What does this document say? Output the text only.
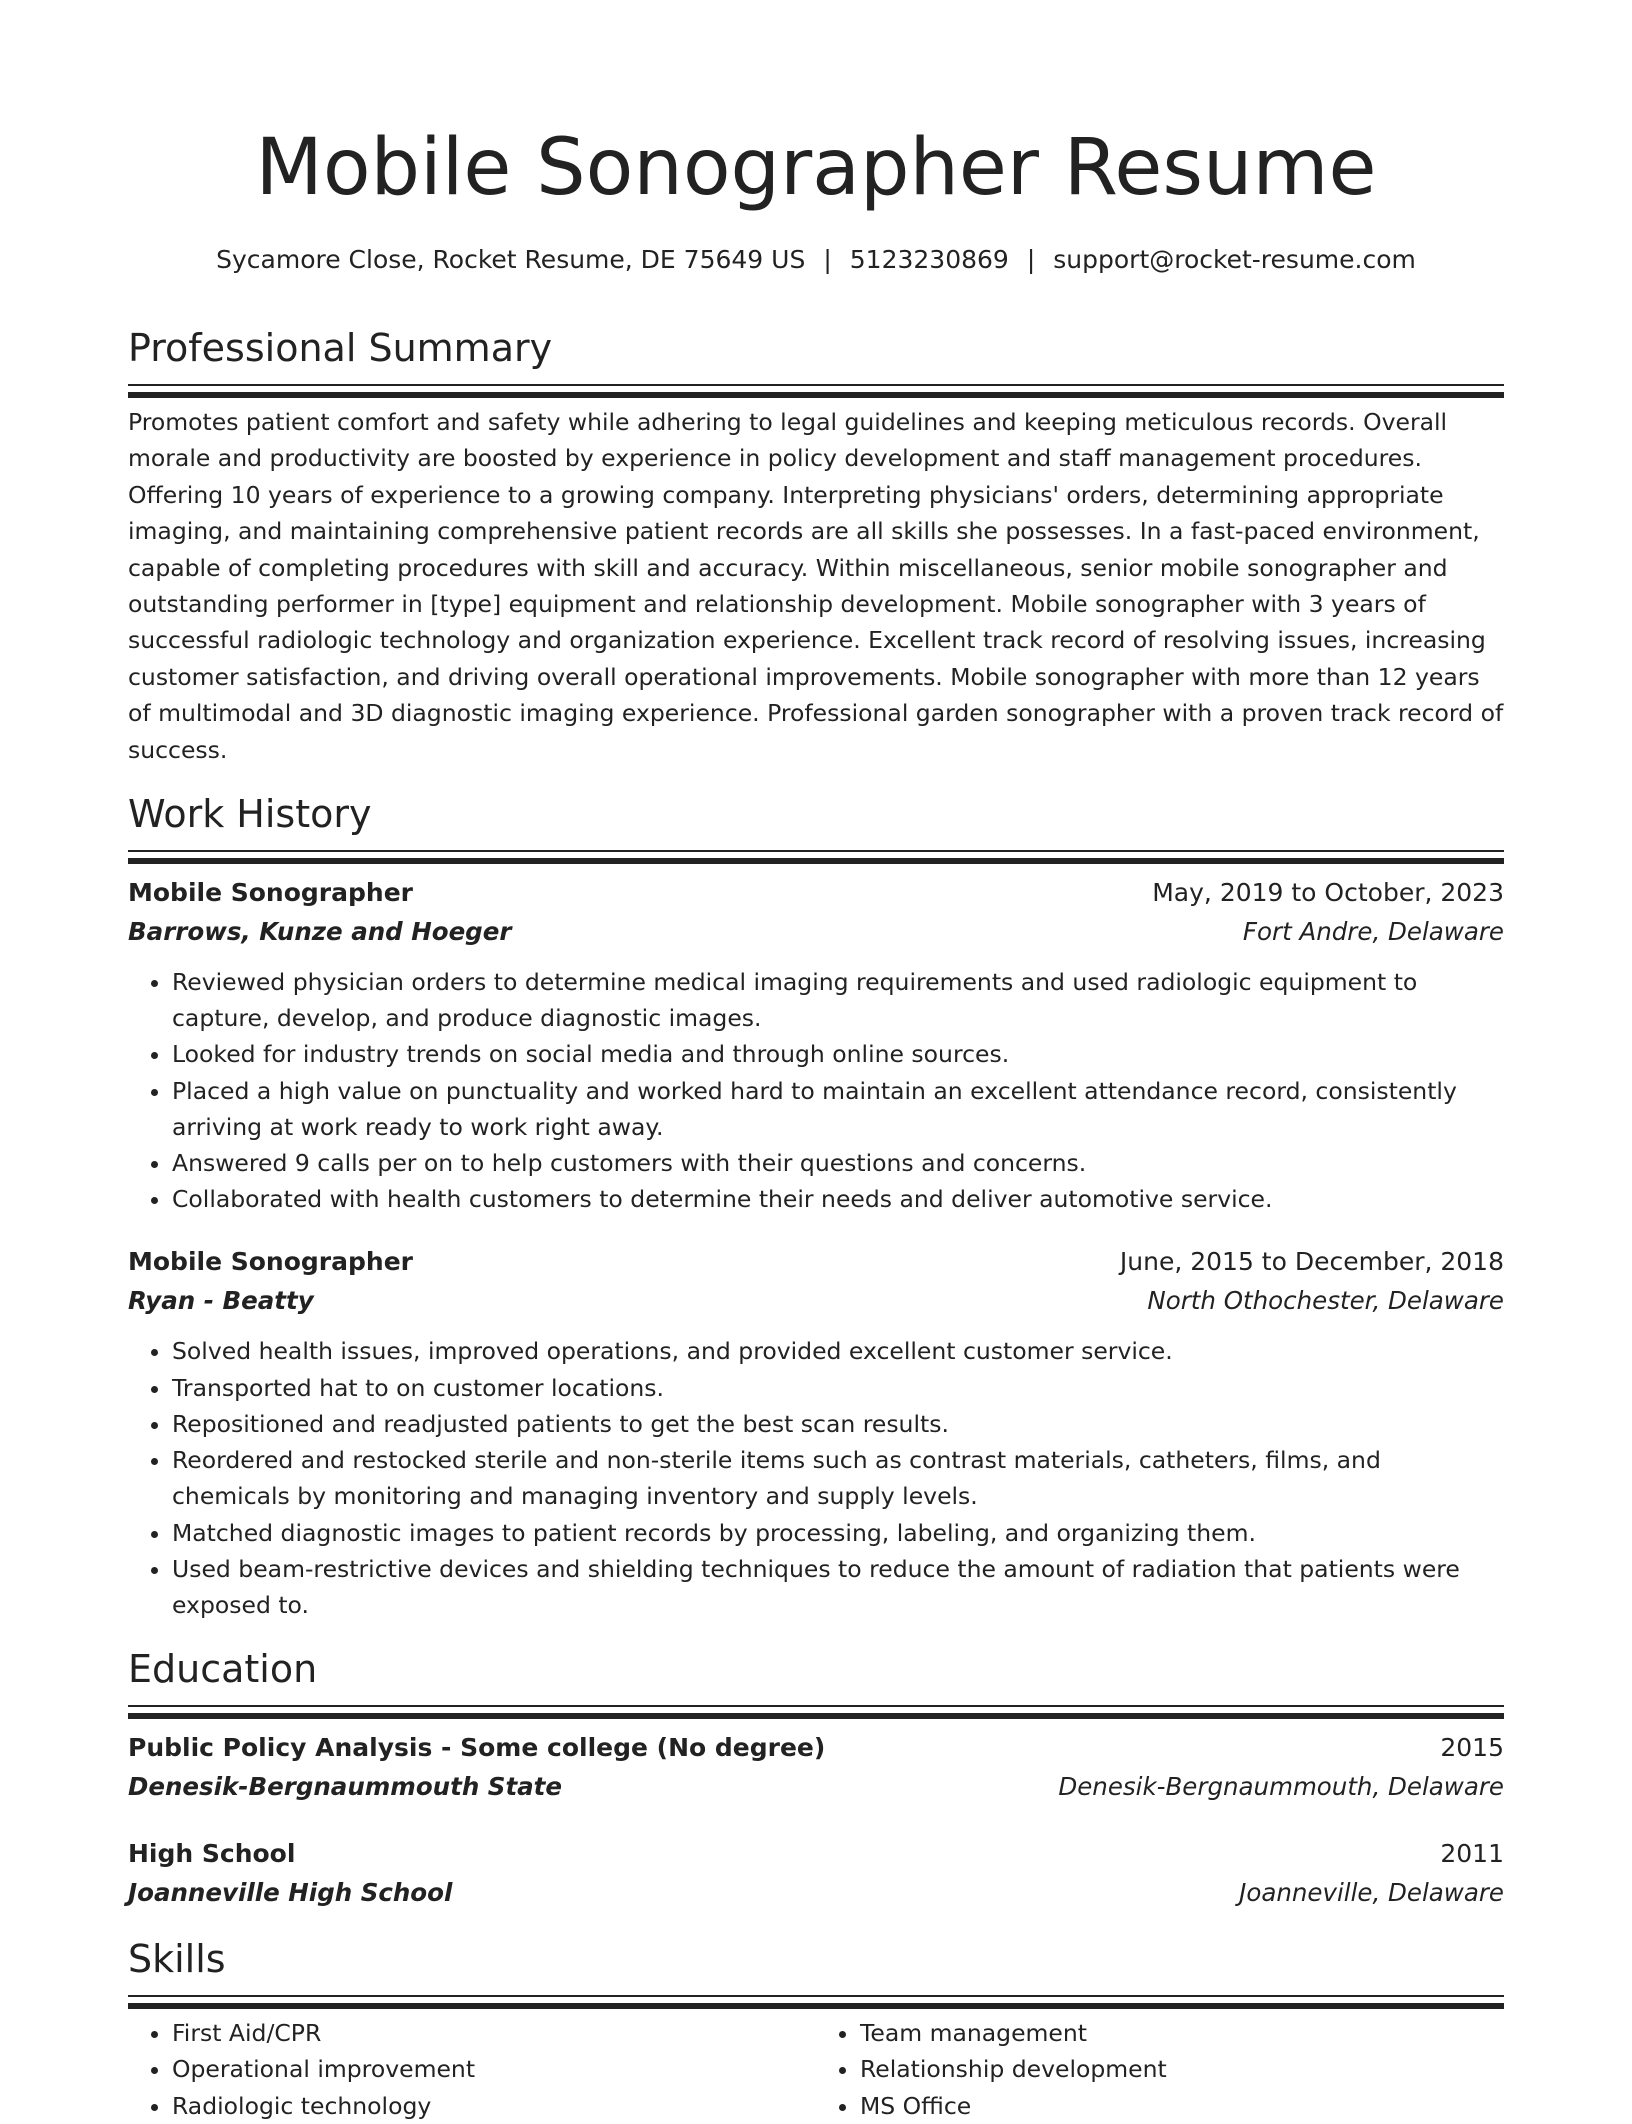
Mobile Sonographer Resume
Sycamore Close, Rocket Resume, DE 75649 US | 5123230869 | support@rocket-resume.com
Professional Summary
Promotes patient comfort and safety while adhering to legal guidelines and keeping meticulous records. Overall morale and productivity are boosted by experience in policy development and staff management procedures. Offering 10 years of experience to a growing company. Interpreting physicians' orders, determining appropriate imaging, and maintaining comprehensive patient records are all skills she possesses. In a fast-paced environment, capable of completing procedures with skill and accuracy. Within miscellaneous, senior mobile sonographer and outstanding performer in [type] equipment and relationship development. Mobile sonographer with 3 years of successful radiologic technology and organization experience. Excellent track record of resolving issues, increasing customer satisfaction, and driving overall operational improvements. Mobile sonographer with more than 12 years of multimodal and 3D diagnostic imaging experience. Professional garden sonographer with a proven track record of success.
Work History
Mobile Sonographer	May, 2019 to October, 2023
Barrows, Kunze and Hoeger	Fort Andre, Delaware
• Reviewed physician orders to determine medical imaging requirements and used radiologic equipment to capture, develop, and produce diagnostic images.
• Looked for industry trends on social media and through online sources.
• Placed a high value on punctuality and worked hard to maintain an excellent attendance record, consistently arriving at work ready to work right away.
• Answered 9 calls per on to help customers with their questions and concerns.
• Collaborated with health customers to determine their needs and deliver automotive service.
Mobile Sonographer	June, 2015 to December, 2018
Ryan - Beatty	North Othochester, Delaware
• Solved health issues, improved operations, and provided excellent customer service.
• Transported hat to on customer locations.
• Repositioned and readjusted patients to get the best scan results.
• Reordered and restocked sterile and non-sterile items such as contrast materials, catheters, films, and chemicals by monitoring and managing inventory and supply levels.
• Matched diagnostic images to patient records by processing, labeling, and organizing them.
• Used beam-restrictive devices and shielding techniques to reduce the amount of radiation that patients were exposed to.
Education
Public Policy Analysis - Some college (No degree)	2015
Denesik-Bergnaummouth State	Denesik-Bergnaummouth, Delaware
High School	2011
Joanneville High School	Joanneville, Delaware
Skills
• First Aid/CPR
• Operational improvement
• Radiologic technology
• Team management
• Relationship development
• MS Office
